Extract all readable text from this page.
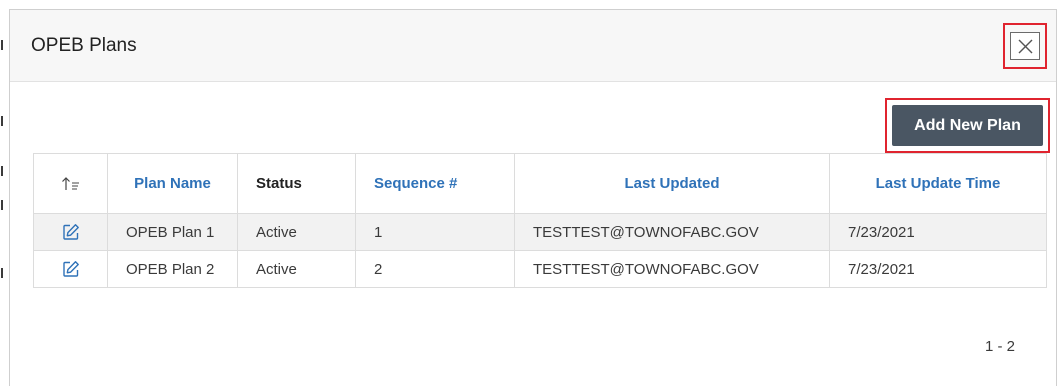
OPEB Plans
Add New Plan
	Plan Name	Status	Sequence #	Last Updated	Last Update Time
	OPEB Plan 1	Active	1	TESTTEST@TOWNOFABC.GOV	7/23/2021
	OPEB Plan 2	Active	2	TESTTEST@TOWNOFABC.GOV	7/23/2021
1 - 2
